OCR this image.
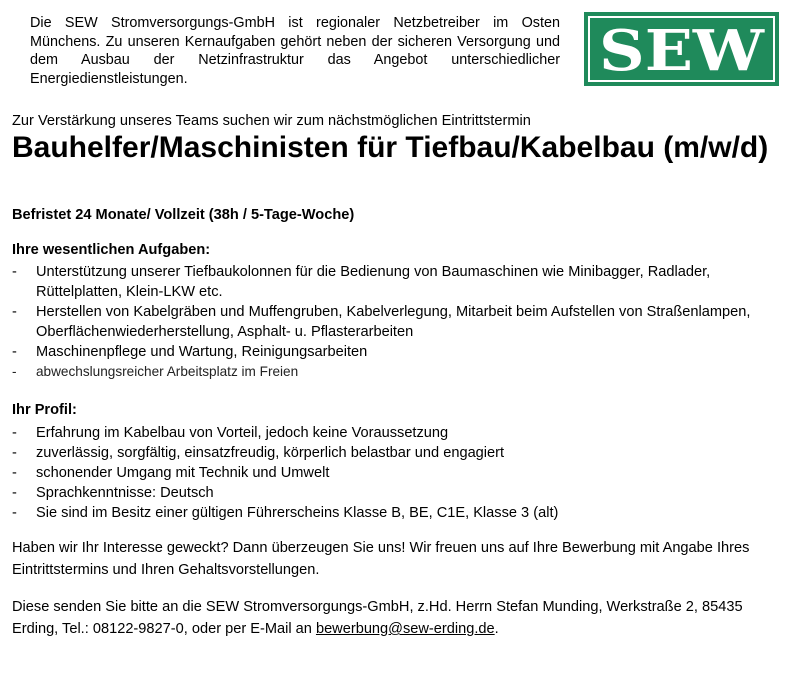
Die SEW Stromversorgungs-GmbH ist regionaler Netzbetreiber im Osten Münchens. Zu unseren Kernaufgaben gehört neben der sicheren Versorgung und dem Ausbau der Netzinfrastruktur das Angebot unterschiedlicher Energiedienstleistungen.	SEW

Zur Verstärkung unseres Teams suchen wir zum nächstmöglichen Eintrittstermin

Bauhelfer/Maschinisten für Tiefbau/Kabelbau (m/w/d)

Befristet 24 Monate/ Vollzeit (38h / 5-Tage-Woche)

Ihre wesentlichen Aufgaben:
- Unterstützung unserer Tiefbaukolonnen für die Bedienung von Baumaschinen wie Minibagger, Radlader, Rüttelplatten, Klein-LKW etc.
- Herstellen von Kabelgräben und Muffengruben, Kabelverlegung, Mitarbeit beim Aufstellen von Straßenlampen, Oberflächenwiederherstellung, Asphalt- u. Pflasterarbeiten
- Maschinenpflege und Wartung, Reinigungsarbeiten
- abwechslungsreicher Arbeitsplatz im Freien
Ihr Profil:
- Erfahrung im Kabelbau von Vorteil, jedoch keine Voraussetzung
- zuverlässig, sorgfältig, einsatzfreudig, körperlich belastbar und engagiert
- schonender Umgang mit Technik und Umwelt
- Sprachkenntnisse: Deutsch
- Sie sind im Besitz einer gültigen Führerscheins Klasse B, BE, C1E, Klasse 3 (alt)

Haben wir Ihr Interesse geweckt? Dann überzeugen Sie uns! Wir freuen uns auf Ihre Bewerbung mit Angabe Ihres Eintrittstermins und Ihren Gehaltsvorstellungen.

Diese senden Sie bitte an die SEW Stromversorgungs-GmbH, z.Hd. Herrn Stefan Munding, Werkstraße 2, 85435 Erding, Tel.: 08122-9827-0, oder per E-Mail an bewerbung@sew-erding.de.
